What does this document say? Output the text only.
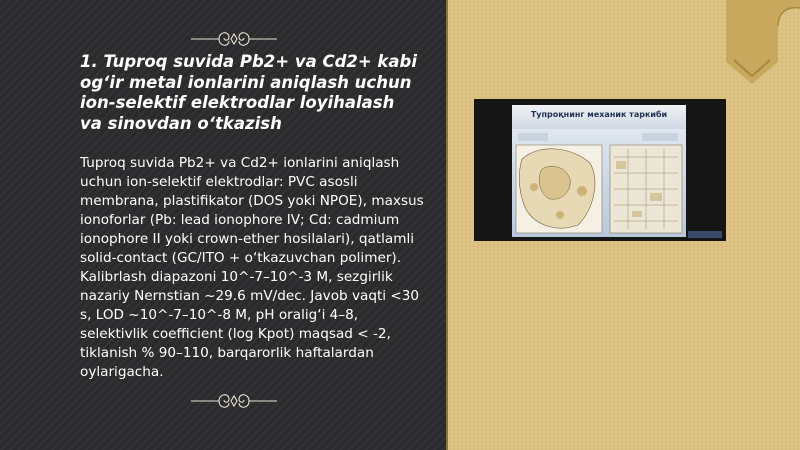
1. Tuproq suvida Pb2+ va Cd2+ kabi og‘ir metal ionlarini aniqlash uchun ion-selektif elektrodlar loyihalash va sinovdan o‘tkazish

Tuproq suvida Pb2+ va Cd2+ ionlarini aniqlash uchun ion-selektif elektrodlar: PVC asosli membrana, plastifikator (DOS yoki NPOE), maxsus ionoforlar (Pb: lead ionophore IV; Cd: cadmium ionophore II yoki crown-ether hosilalari), qatlamli solid-contact (GC/ITO + o‘tkazuvchan polimer). Kalibrlash diapazoni 10^-7–10^-3 M, sezgirlik nazariy Nernstian ~29.6 mV/dec. Javob vaqti <30 s, LOD ~10^-7–10^-8 M, pH oralig‘i 4–8, selektivlik coefficient (log Kpot) maqsad < -2, tiklanish % 90–110, barqarorlik haftalardan oylarigacha.

Тупроқнинг механик таркиби
